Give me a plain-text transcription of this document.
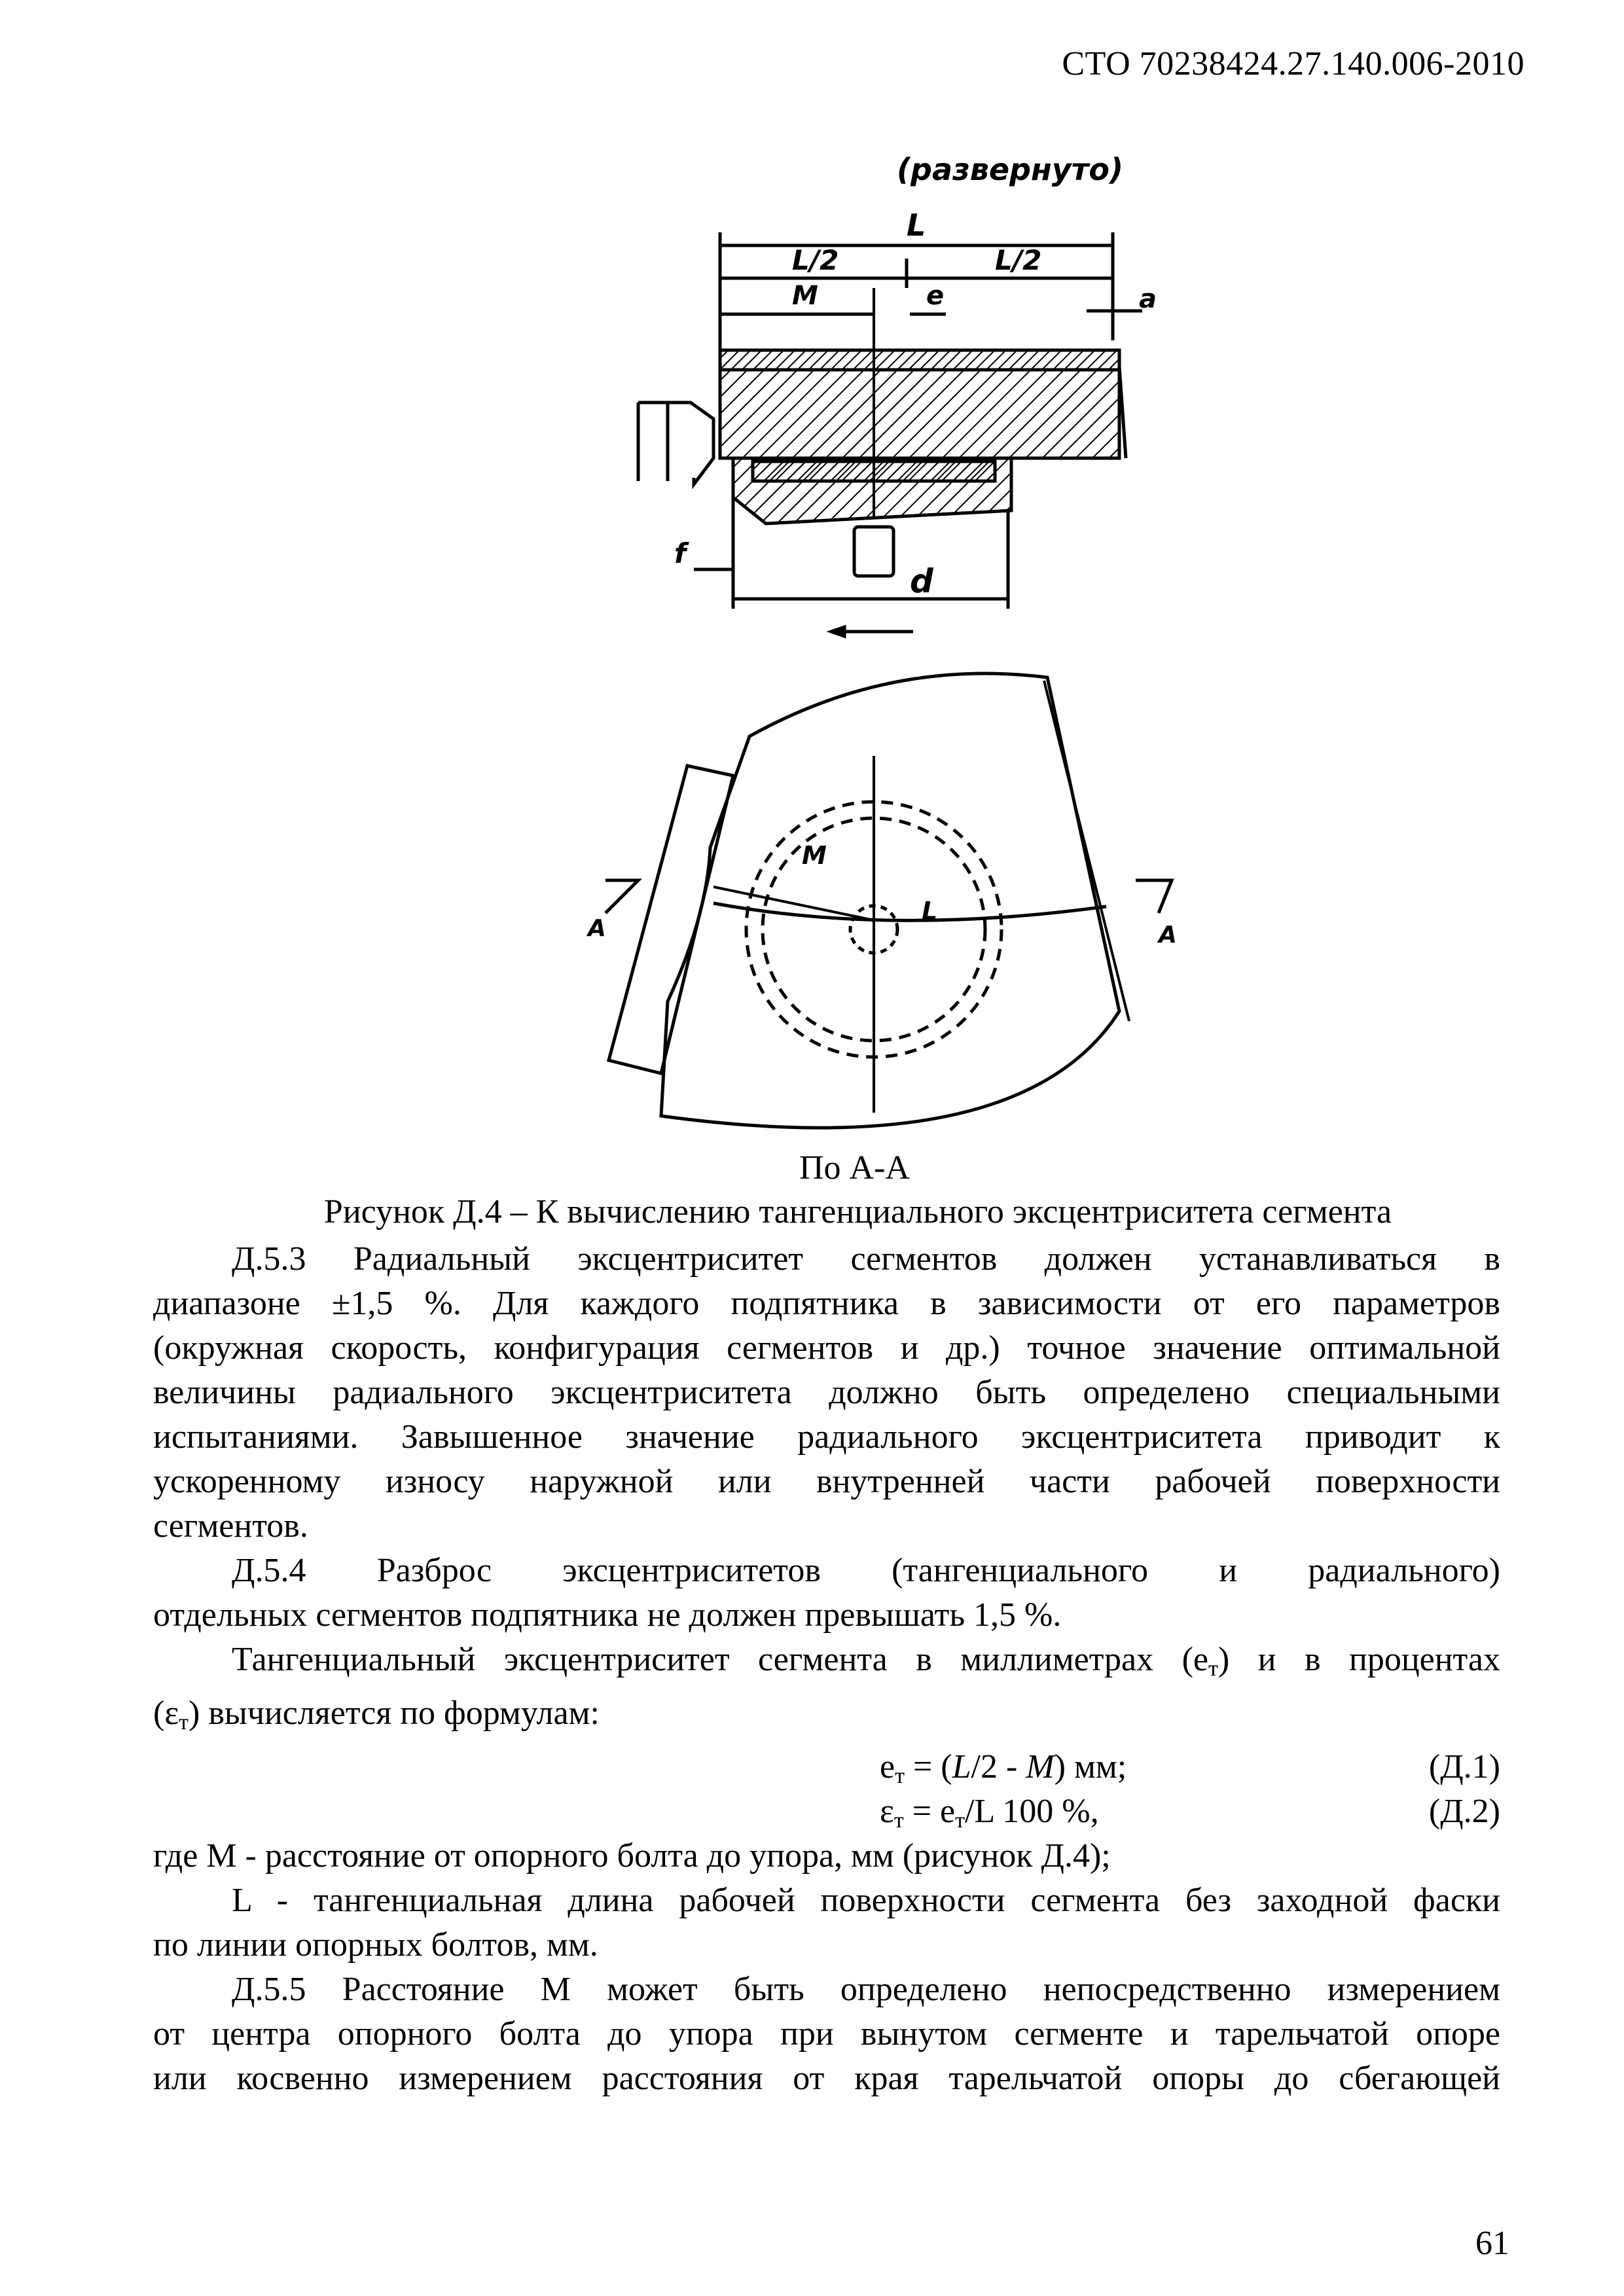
СТО 70238424.27.140.006-2010
(развернуто)
L
L/2	L/2
M	e	a
f
d
M
L
A	A
По А-А
Рисунок Д.4 – К вычислению тангенциального эксцентриситета сегмента

Д.5.3 Радиальный эксцентриситет сегментов должен устанавливаться в

диапазоне ±1,5 %. Для каждого подпятника в зависимости от его параметров

(окружная скорость, конфигурация сегментов и др.) точное значение оптимальной

величины радиального эксцентриситета должно быть определено специальными

испытаниями. Завышенное значение радиального эксцентриситета приводит к

ускоренному износу наружной или внутренней части рабочей поверхности

сегментов.

Д.5.4 Разброс эксцентриситетов (тангенциального и радиального)

отдельных сегментов подпятника не должен превышать 1,5 %.

Тангенциальный эксцентриситет сегмента в миллиметрах $(e_т)$ и в процентах

$(\varepsilon_т)$ вычисляется по формулам:

$e_т = (L/2 - M)$ мм;	(Д.1)
$\varepsilon_т = e_т/L$ 100 %,	(Д.2)

где М - расстояние от опорного болта до упора, мм (рисунок Д.4);

L - тангенциальная длина рабочей поверхности сегмента без заходной фаски

по линии опорных болтов, мм.

Д.5.5 Расстояние М может быть определено непосредственно измерением

от центра опорного болта до упора при вынутом сегменте и тарельчатой опоре

или косвенно измерением расстояния от края тарельчатой опоры до сбегающей

61
